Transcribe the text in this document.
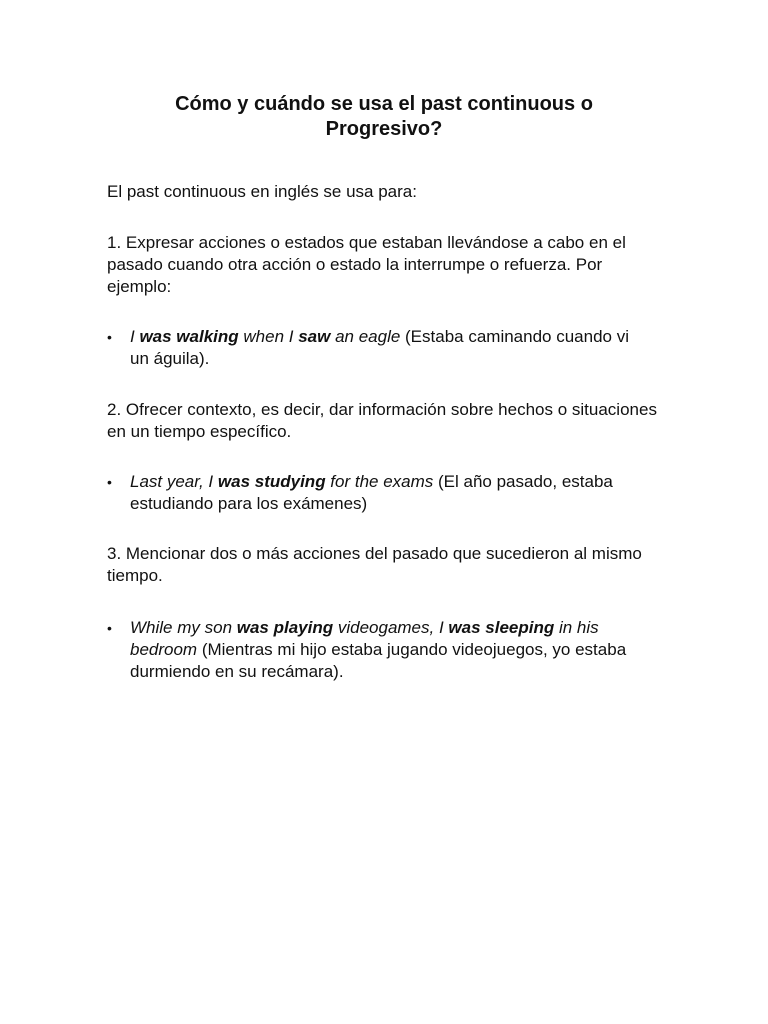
Cómo y cuándo se usa el past continuous o
Progresivo?

El past continuous en inglés se usa para:

1. Expresar acciones o estados que estaban llevándose a cabo en el pasado cuando otra acción o estado la interrumpe o refuerza. Por ejemplo:

•	I was walking when I saw an eagle (Estaba caminando cuando vi un águila).

2. Ofrecer contexto, es decir, dar información sobre hechos o situaciones en un tiempo específico.

•	Last year, I was studying for the exams (El año pasado, estaba estudiando para los exámenes)

3. Mencionar dos o más acciones del pasado que sucedieron al mismo tiempo.

•	While my son was playing videogames, I was sleeping in his bedroom (Mientras mi hijo estaba jugando videojuegos, yo estaba durmiendo en su recámara).
